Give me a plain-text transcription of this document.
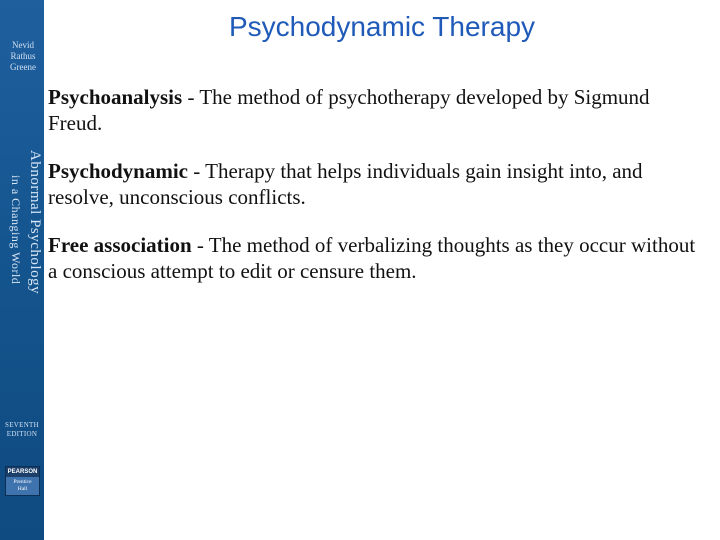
Nevid
Rathus
Greene
Abnormal Psychology
in a Changing World
SEVENTH
EDITION
PEARSON
Prentice
Hall
Psychodynamic Therapy

Psychoanalysis - The method of psychotherapy developed by Sigmund Freud.

Psychodynamic - Therapy that helps individuals gain insight into, and resolve, unconscious conflicts.

Free association - The method of verbalizing thoughts as they occur without a conscious attempt to edit or censure them.
